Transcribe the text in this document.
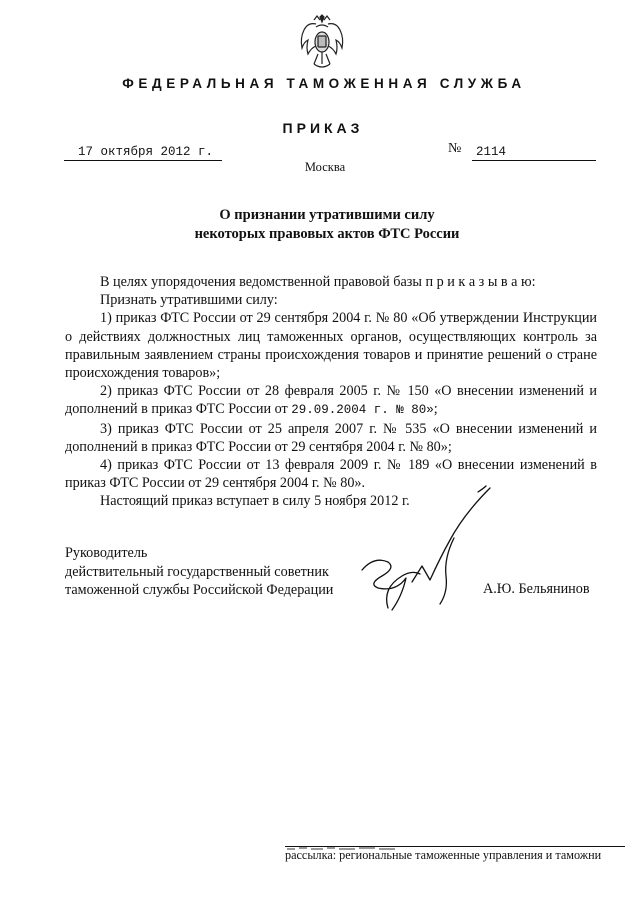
ФЕДЕРАЛЬНАЯ ТАМОЖЕННАЯ СЛУЖБА
ПРИКАЗ
17 октября 2012 г.	№	2114
Москва
О признании утратившими силу
некоторых правовых актов ФТС России

В целях упорядочения ведомственной правовой базы п р и к а з ы в а ю:

Признать утратившими силу:

1) приказ ФТС России от 29 сентября 2004 г. № 80 «Об утверждении Инструкции о действиях должностных лиц таможенных органов, осуществляющих контроль за правильным заявлением страны происхождения товаров и принятие решений о стране происхождения товаров»;

2) приказ ФТС России от 28 февраля 2005 г. № 150 «О внесении изменений и дополнений в приказ ФТС России от 29.09.2004 г. № 80»;

3) приказ ФТС России от 25 апреля 2007 г. № 535 «О внесении изменений и дополнений в приказ ФТС России от 29 сентября 2004 г. № 80»;

4) приказ ФТС России от 13 февраля 2009 г. № 189 «О внесении изменений в приказ ФТС России от 29 сентября 2004 г. № 80».

Настоящий приказ вступает в силу 5 ноября 2012 г.

Руководитель
действительный государственный советник
таможенной службы Российской Федерации	А.Ю. Бельянинов
рассылка: региональные таможенные управления и таможни
